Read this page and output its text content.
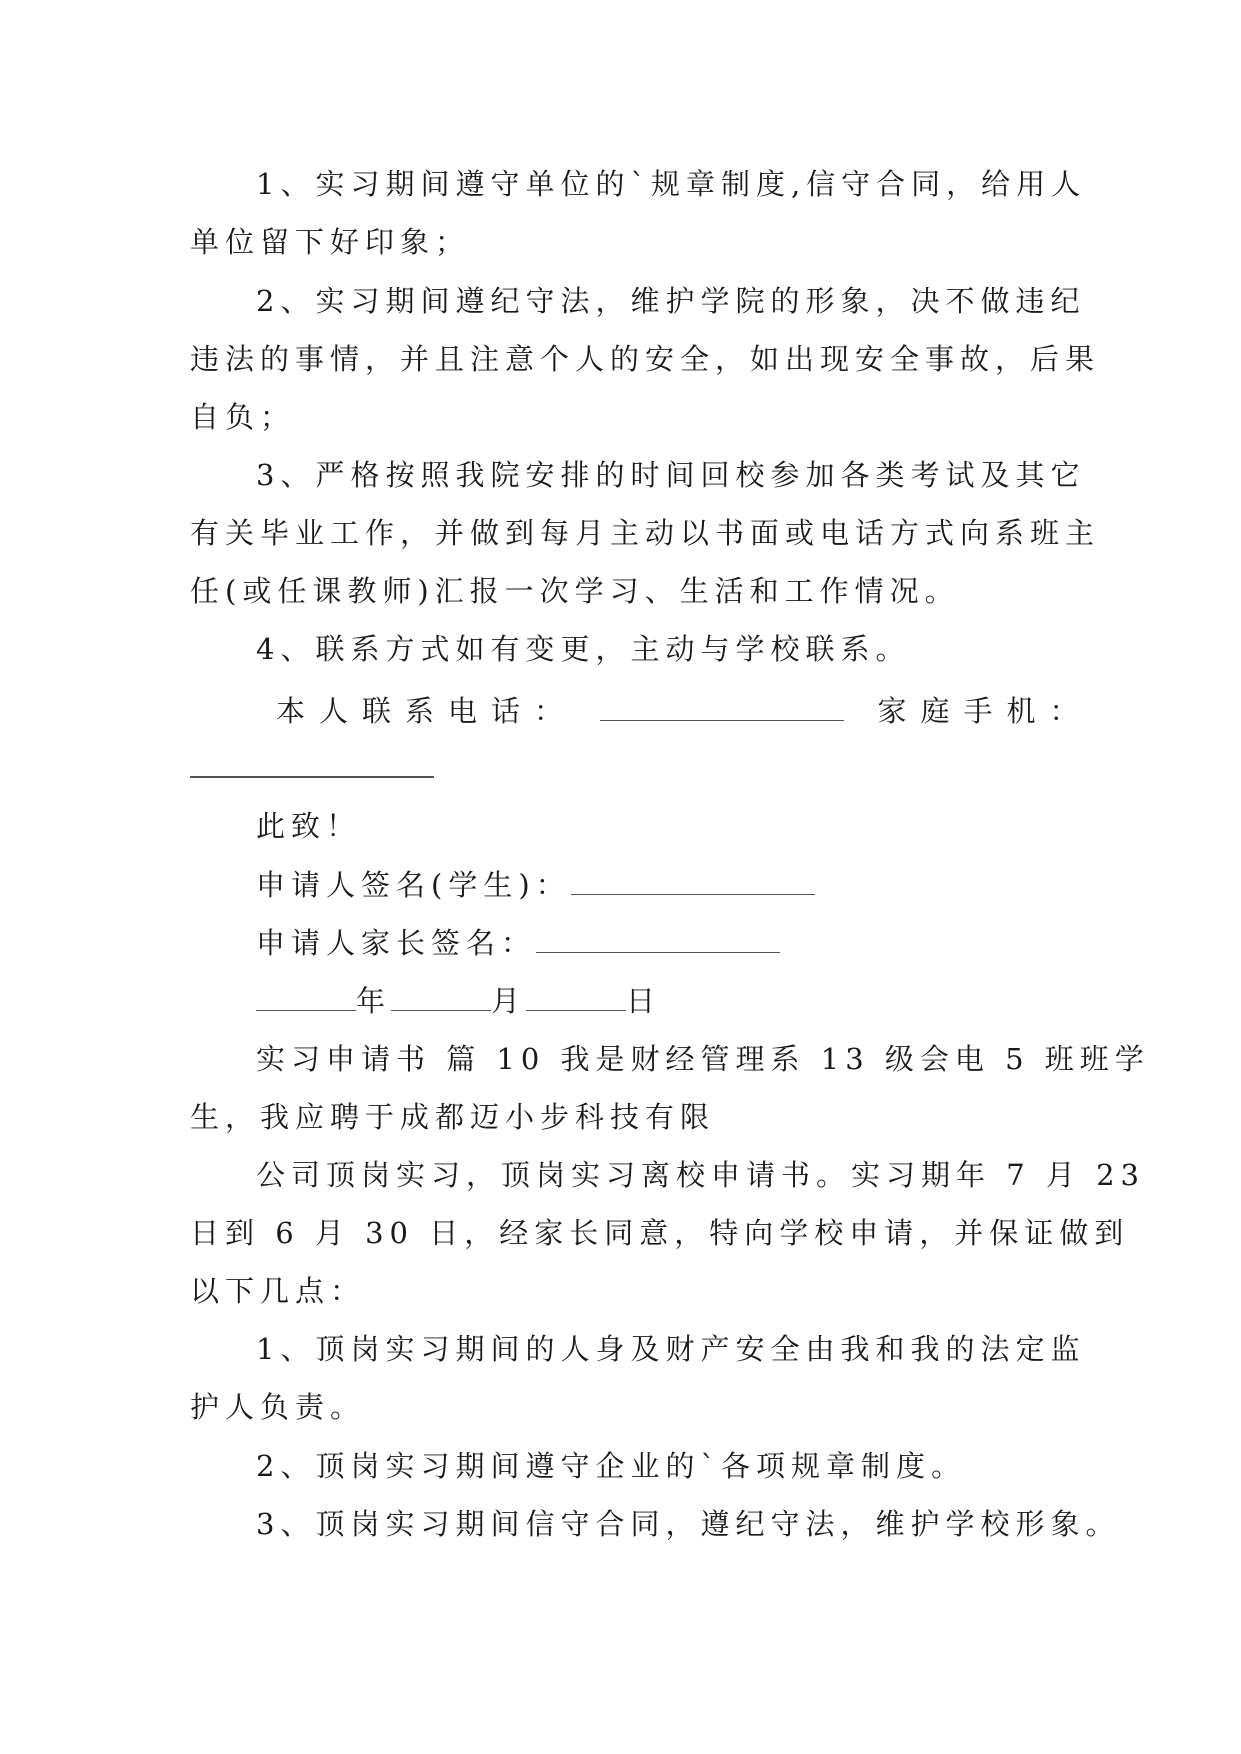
1、实习期间遵守单位的`规章制度,信守合同，给用人
单位留下好印象；
2、实习期间遵纪守法，维护学院的形象，决不做违纪
违法的事情，并且注意个人的安全，如出现安全事故，后果
自负；
3、严格按照我院安排的时间回校参加各类考试及其它
有关毕业工作，并做到每月主动以书面或电话方式向系班主
任(或任课教师)汇报一次学习、生活和工作情况。
4、联系方式如有变更，主动与学校联系。
本人联系电话：	家庭手机：
此致！
申请人签名(学生)：
申请人家长签名：
年	月	日
实习申请书 篇 10 我是财经管理系 13 级会电 5 班班学
生，我应聘于成都迈小步科技有限
公司顶岗实习，顶岗实习离校申请书。实习期年 7 月 23
日到 6 月 30 日，经家长同意，特向学校申请，并保证做到
以下几点：
1、顶岗实习期间的人身及财产安全由我和我的法定监
护人负责。
2、顶岗实习期间遵守企业的`各项规章制度。
3、顶岗实习期间信守合同，遵纪守法，维护学校形象。
